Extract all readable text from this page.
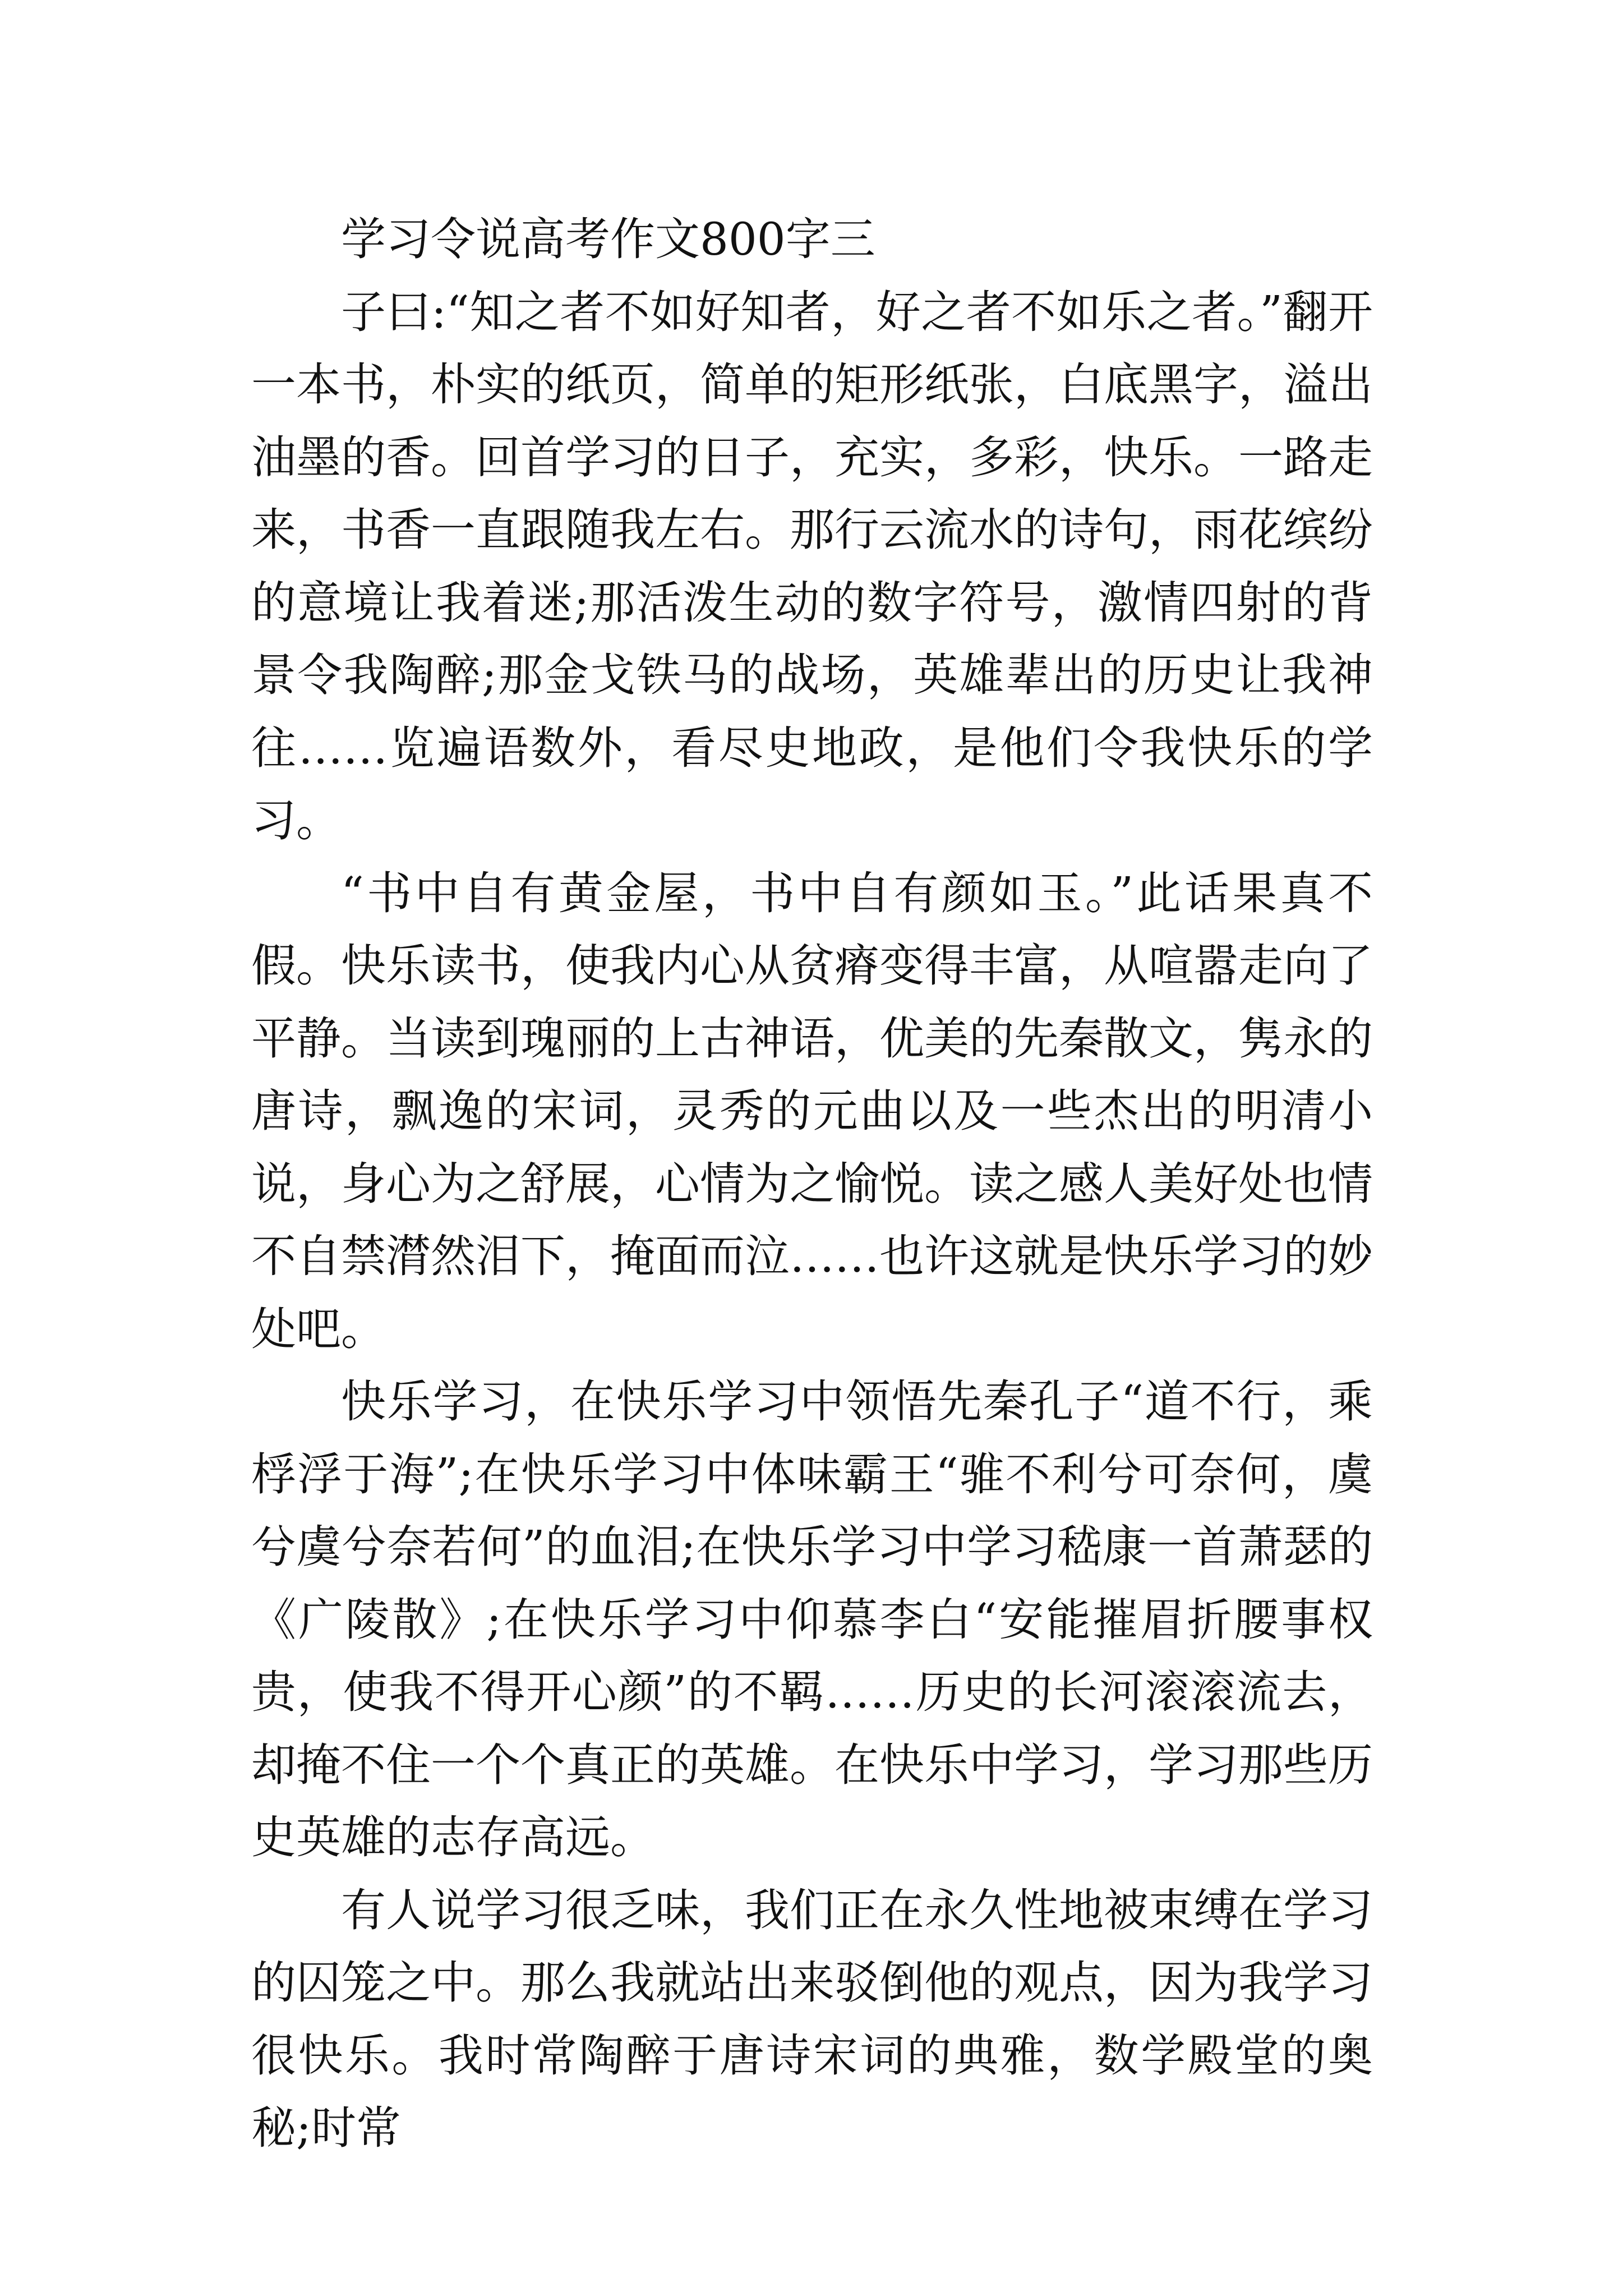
学习令说高考作文800字三

子曰:“知之者不如好知者，好之者不如乐之者。”翻开一本书，朴实的纸页，简单的矩形纸张，白底黑字，溢出油墨的香。回首学习的日子，充实，多彩，快乐。一路走来，书香一直跟随我左右。那行云流水的诗句，雨花缤纷的意境让我着迷;那活泼生动的数字符号，激情四射的背景令我陶醉;那金戈铁马的战场，英雄辈出的历史让我神往……览遍语数外，看尽史地政，是他们令我快乐的学习。

“书中自有黄金屋，书中自有颜如玉。”此话果真不假。快乐读书，使我内心从贫瘠变得丰富，从喧嚣走向了平静。当读到瑰丽的上古神语，优美的先秦散文，隽永的唐诗，飘逸的宋词，灵秀的元曲以及一些杰出的明清小说，身心为之舒展，心情为之愉悦。读之感人美好处也情不自禁潸然泪下，掩面而泣……也许这就是快乐学习的妙处吧。

快乐学习，在快乐学习中领悟先秦孔子“道不行，乘桴浮于海”;在快乐学习中体味霸王“骓不利兮可奈何，虞兮虞兮奈若何”的血泪;在快乐学习中学习嵇康一首萧瑟的《广陵散》;在快乐学习中仰慕李白“安能摧眉折腰事权贵，使我不得开心颜”的不羁……历史的长河滚滚流去，却掩不住一个个真正的英雄。在快乐中学习，学习那些历史英雄的志存高远。

有人说学习很乏味，我们正在永久性地被束缚在学习的囚笼之中。那么我就站出来驳倒他的观点，因为我学习很快乐。我时常陶醉于唐诗宋词的典雅，数学殿堂的奥秘;时常
